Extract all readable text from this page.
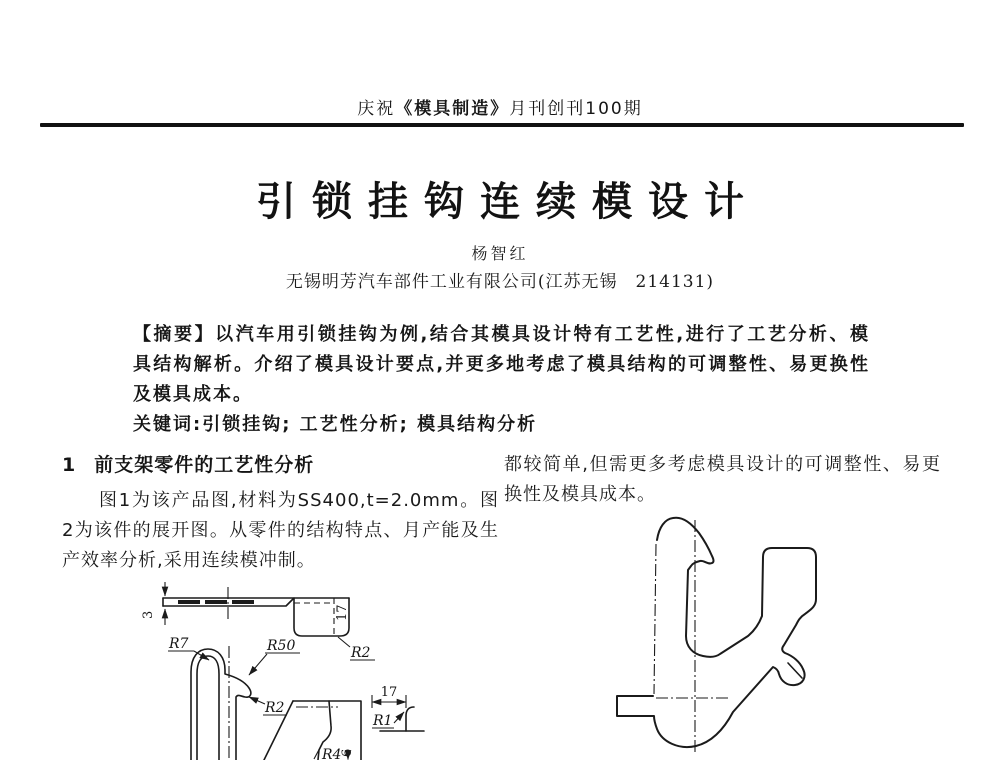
庆祝《模具制造》月刊创刊100期
引锁挂钩连续模设计
杨智红
无锡明芳汽车部件工业有限公司(江苏无锡　214131)

【摘要】以汽车用引锁挂钩为例,结合其模具设计特有工艺性,进行了工艺分析、模具结构解析。介绍了模具设计要点,并更多地考虑了模具结构的可调整性、易更换性及模具成本。

关键词:引锁挂钩; 工艺性分析; 模具结构分析

1 前支架零件的工艺性分析

图1为该产品图,材料为SS400,t=2.0mm。图2为该件的展开图。从零件的结构特点、月产能及生产效率分析,采用连续模冲制。

都较简单,但需更多考虑模具设计的可调整性、易更换性及模具成本。

3	17
R2
R7	R50
R2
R4
6
17
R1
